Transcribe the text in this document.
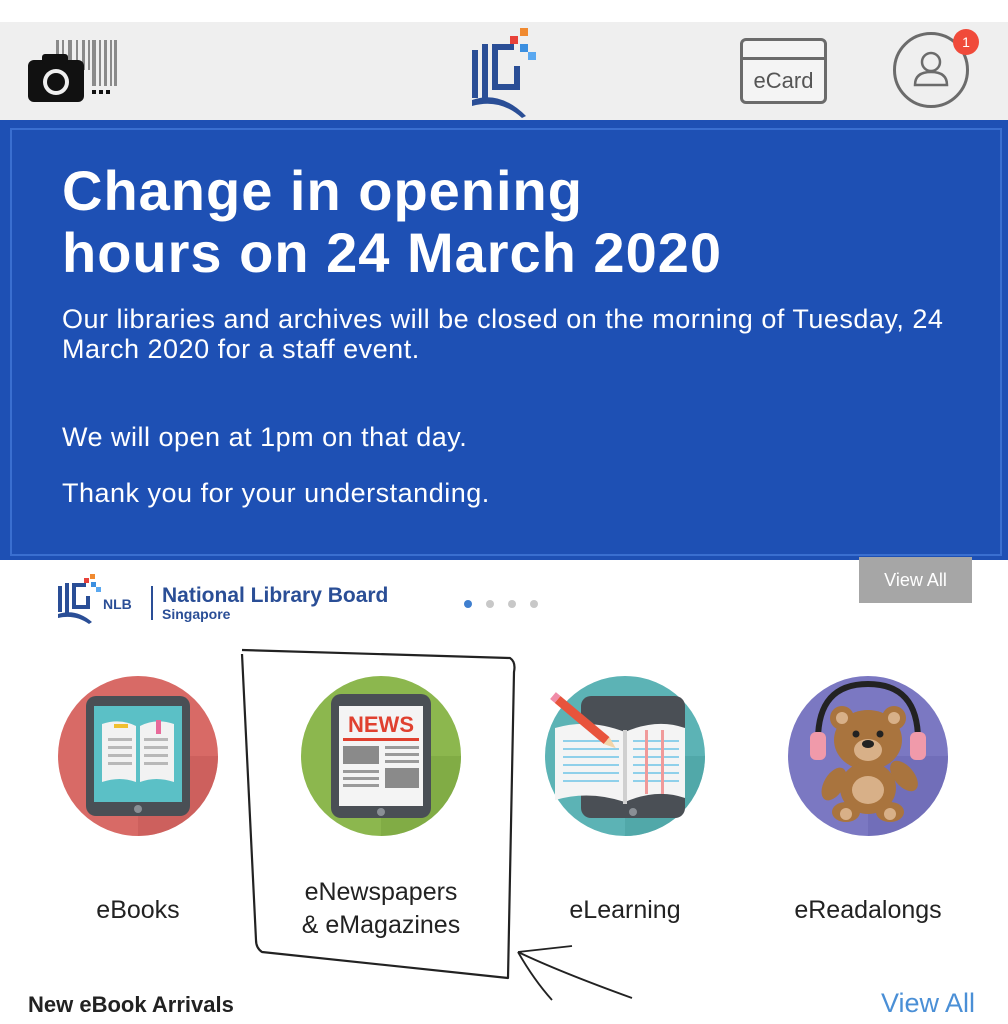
eCard
1
Change in opening
hours on 24 March 2020
Our libraries and archives will be closed on the morning of Tuesday, 24 March 2020 for a staff event.
We will open at 1pm on that day.
Thank you for your understanding.
View All
NLB National Library Board
Singapore
eBooks
NEWS
eNewspapers
& eMagazines
eLearning	eReadalongs
New eBook Arrivals	View All
